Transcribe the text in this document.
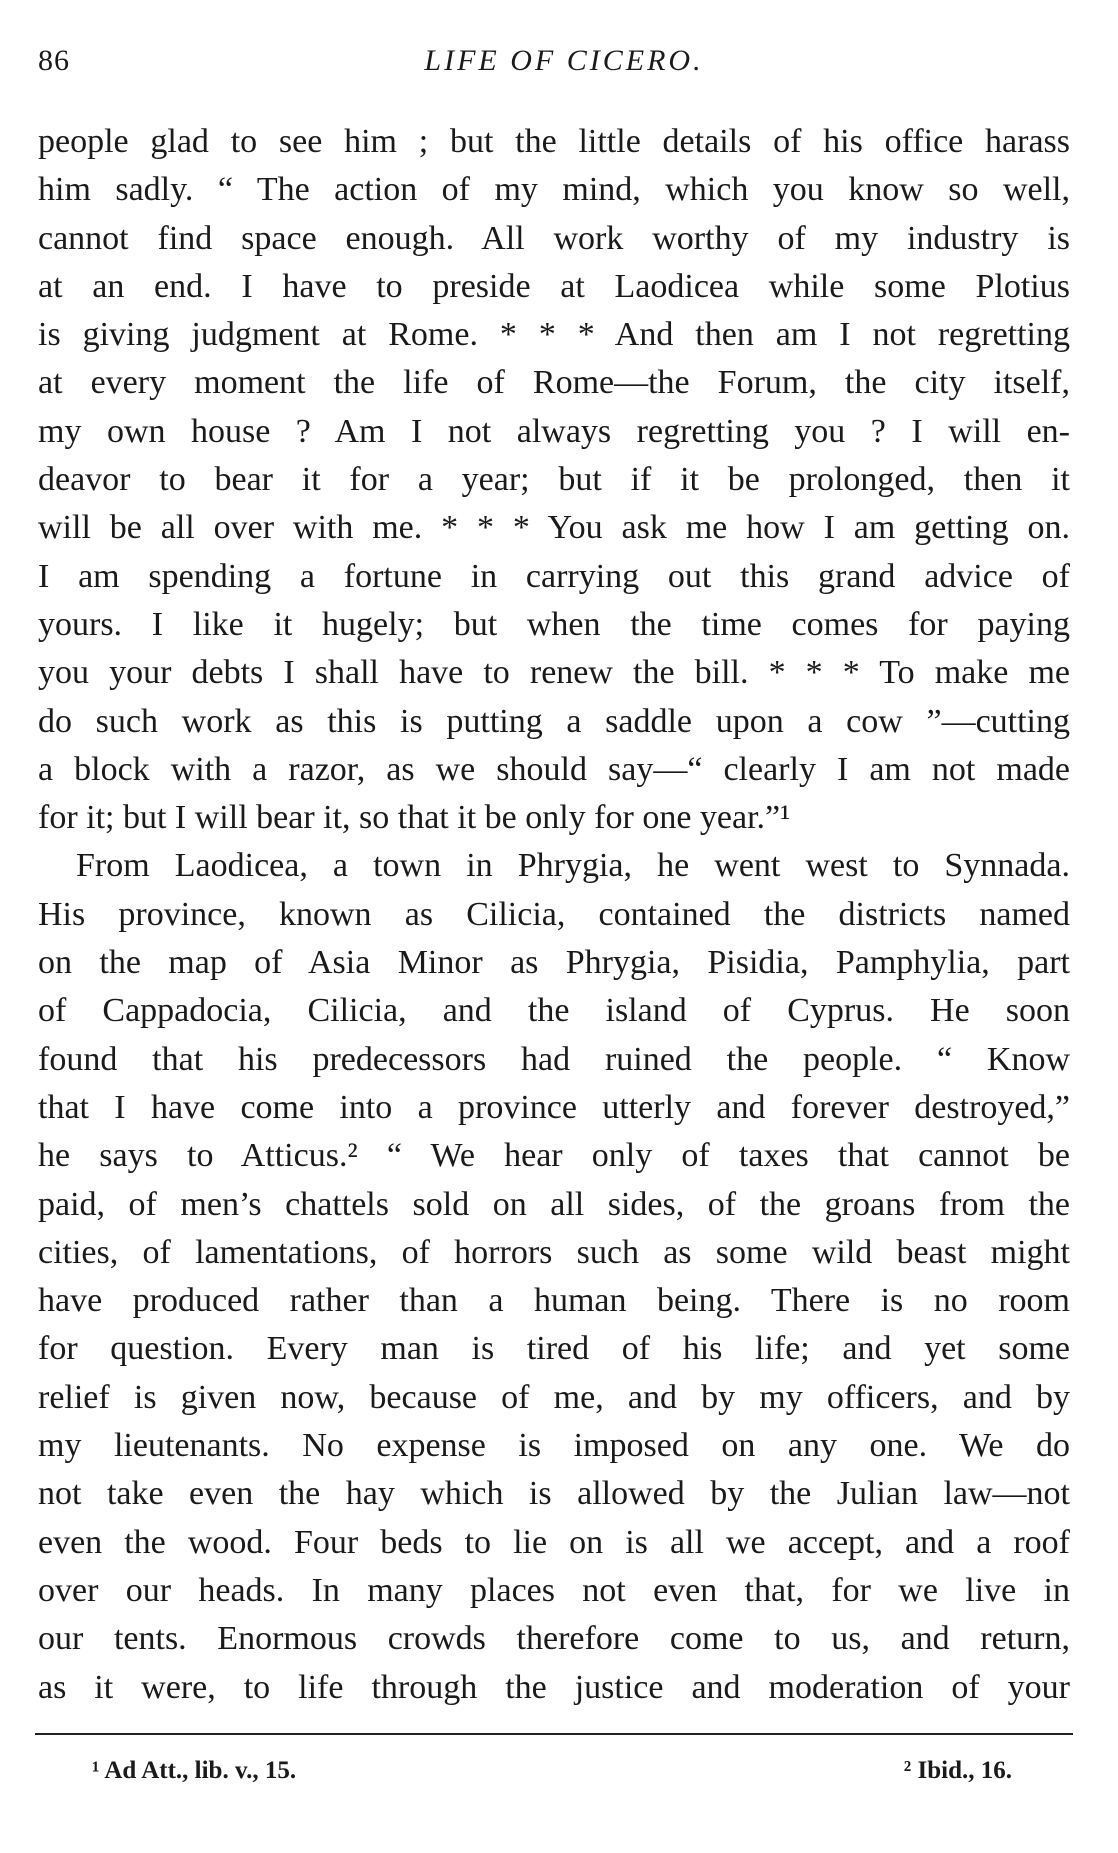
86	LIFE OF CICERO.
people glad to see him ; but the little details of his office harass
him sadly. “ The action of my mind, which you know so well,
cannot find space enough. All work worthy of my industry is
at an end. I have to preside at Laodicea while some Plotius
is giving judgment at Rome. * * * And then am I not regretting
at every moment the life of Rome—the Forum, the city itself,
my own house ? Am I not always regretting you ? I will en-
deavor to bear it for a year; but if it be prolonged, then it
will be all over with me. * * * You ask me how I am getting on.
I am spending a fortune in carrying out this grand advice of
yours. I like it hugely; but when the time comes for paying
you your debts I shall have to renew the bill. * * * To make me
do such work as this is putting a saddle upon a cow ”—cutting
a block with a razor, as we should say—“ clearly I am not made
for it; but I will bear it, so that it be only for one year.”¹
From Laodicea, a town in Phrygia, he went west to Synnada.
His province, known as Cilicia, contained the districts named
on the map of Asia Minor as Phrygia, Pisidia, Pamphylia, part
of Cappadocia, Cilicia, and the island of Cyprus. He soon
found that his predecessors had ruined the people. “ Know
that I have come into a province utterly and forever destroyed,”
he says to Atticus.² “ We hear only of taxes that cannot be
paid, of men’s chattels sold on all sides, of the groans from the
cities, of lamentations, of horrors such as some wild beast might
have produced rather than a human being. There is no room
for question. Every man is tired of his life; and yet some
relief is given now, because of me, and by my officers, and by
my lieutenants. No expense is imposed on any one. We do
not take even the hay which is allowed by the Julian law—not
even the wood. Four beds to lie on is all we accept, and a roof
over our heads. In many places not even that, for we live in
our tents. Enormous crowds therefore come to us, and return,
as it were, to life through the justice and moderation of your
¹ Ad Att., lib. v., 15.	² Ibid., 16.
